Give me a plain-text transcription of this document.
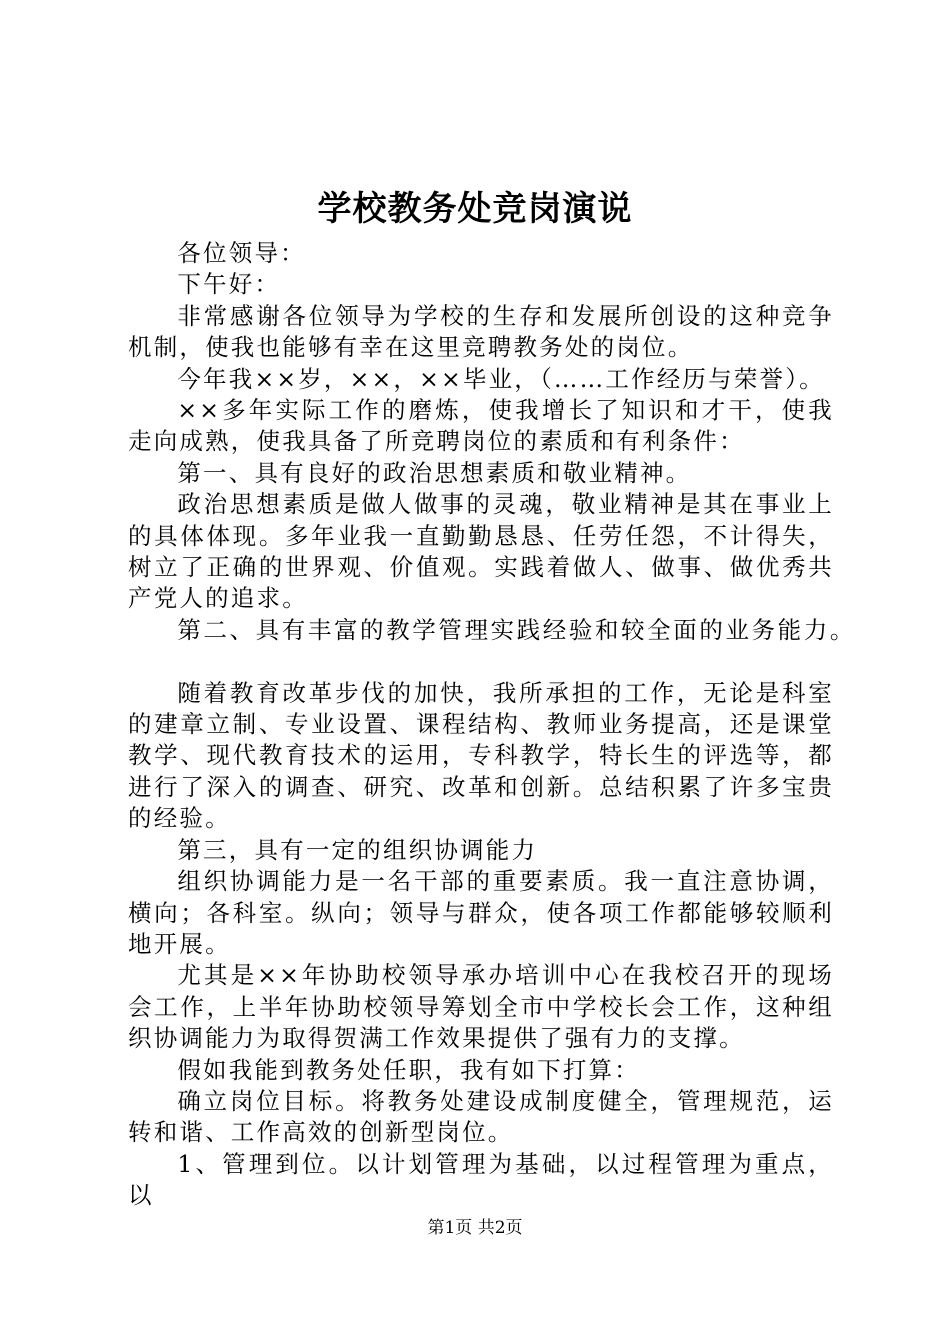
学校教务处竞岗演说

各位领导：

下午好：

非常感谢各位领导为学校的生存和发展所创设的这种竞争机制，使我也能够有幸在这里竞聘教务处的岗位。

今年我××岁，××，××毕业，（……工作经历与荣誉）。

××多年实际工作的磨炼，使我增长了知识和才干，使我走向成熟，使我具备了所竞聘岗位的素质和有利条件：

第一、具有良好的政治思想素质和敬业精神。

政治思想素质是做人做事的灵魂，敬业精神是其在事业上的具体体现。多年业我一直勤勤恳恳、任劳任怨，不计得失，树立了正确的世界观、价值观。实践着做人、做事、做优秀共产党人的追求。

第二、具有丰富的教学管理实践经验和较全面的业务能力。

随着教育改革步伐的加快，我所承担的工作，无论是科室的建章立制、专业设置、课程结构、教师业务提高，还是课堂教学、现代教育技术的运用，专科教学，特长生的评选等，都进行了深入的调查、研究、改革和创新。总结积累了许多宝贵的经验。

第三，具有一定的组织协调能力

组织协调能力是一名干部的重要素质。我一直注意协调，横向；各科室。纵向；领导与群众，使各项工作都能够较顺利地开展。

尤其是××年协助校领导承办培训中心在我校召开的现场会工作，上半年协助校领导筹划全市中学校长会工作，这种组织协调能力为取得贺满工作效果提供了强有力的支撑。

假如我能到教务处任职，我有如下打算：

确立岗位目标。将教务处建设成制度健全，管理规范，运转和谐、工作高效的创新型岗位。

1、管理到位。以计划管理为基础，以过程管理为重点，以

第1页 共2页
